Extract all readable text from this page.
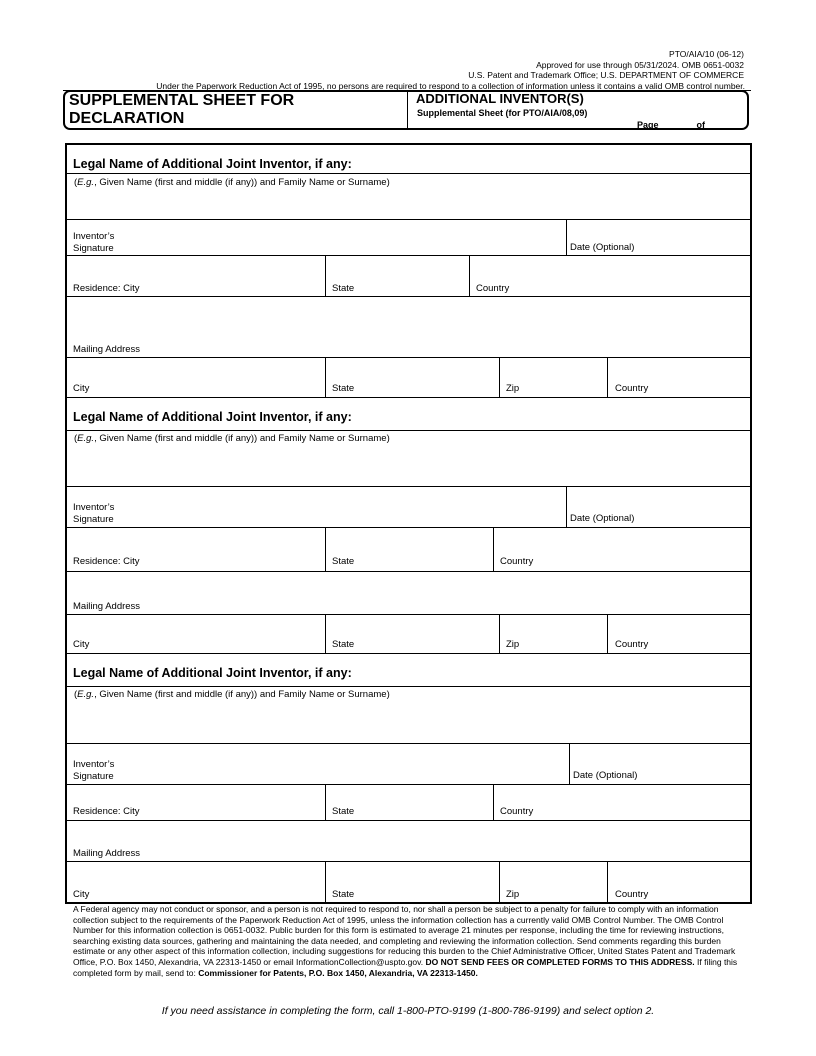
PTO/AIA/10 (06-12)
Approved for use through 05/31/2024. OMB 0651-0032
U.S. Patent and Trademark Office; U.S. DEPARTMENT OF COMMERCE
Under the Paperwork Reduction Act of 1995, no persons are required to respond to a collection of information unless it contains a valid OMB control number.
SUPPLEMENTAL SHEET FOR DECLARATION
ADDITIONAL INVENTOR(S)
Supplemental Sheet (for PTO/AIA/08,09)
Page	of
Legal Name of Additional Joint Inventor, if any:
(E.g., Given Name (first and middle (if any)) and Family Name or Surname)
Inventor’s
Signature	Date (Optional)
Residence: City	State	Country
Mailing Address
City	State	Zip	Country
Legal Name of Additional Joint Inventor, if any:
(E.g., Given Name (first and middle (if any)) and Family Name or Surname)
Inventor’s
Signature	Date (Optional)
Residence: City	State	Country
Mailing Address
City	State	Zip	Country
Legal Name of Additional Joint Inventor, if any:
(E.g., Given Name (first and middle (if any)) and Family Name or Surname)
Inventor’s
Signature	Date (Optional)
Residence: City	State	Country
Mailing Address
City	State	Zip	Country
A Federal agency may not conduct or sponsor, and a person is not required to respond to, nor shall a person be subject to a penalty for failure to comply with an information collection subject to the requirements of the Paperwork Reduction Act of 1995, unless the information collection has a currently valid OMB Control Number. The OMB Control Number for this information collection is 0651-0032. Public burden for this form is estimated to average 21 minutes per response, including the time for reviewing instructions, searching existing data sources, gathering and maintaining the data needed, and completing and reviewing the information collection. Send comments regarding this burden estimate or any other aspect of this information collection, including suggestions for reducing this burden to the Chief Administrative Officer, United States Patent and Trademark Office, P.O. Box 1450, Alexandria, VA 22313-1450 or email InformationCollection@uspto.gov. DO NOT SEND FEES OR COMPLETED FORMS TO THIS ADDRESS. If filing this completed form by mail, send to: Commissioner for Patents, P.O. Box 1450, Alexandria, VA 22313-1450.
If you need assistance in completing the form, call 1-800-PTO-9199 (1-800-786-9199) and select option 2.
